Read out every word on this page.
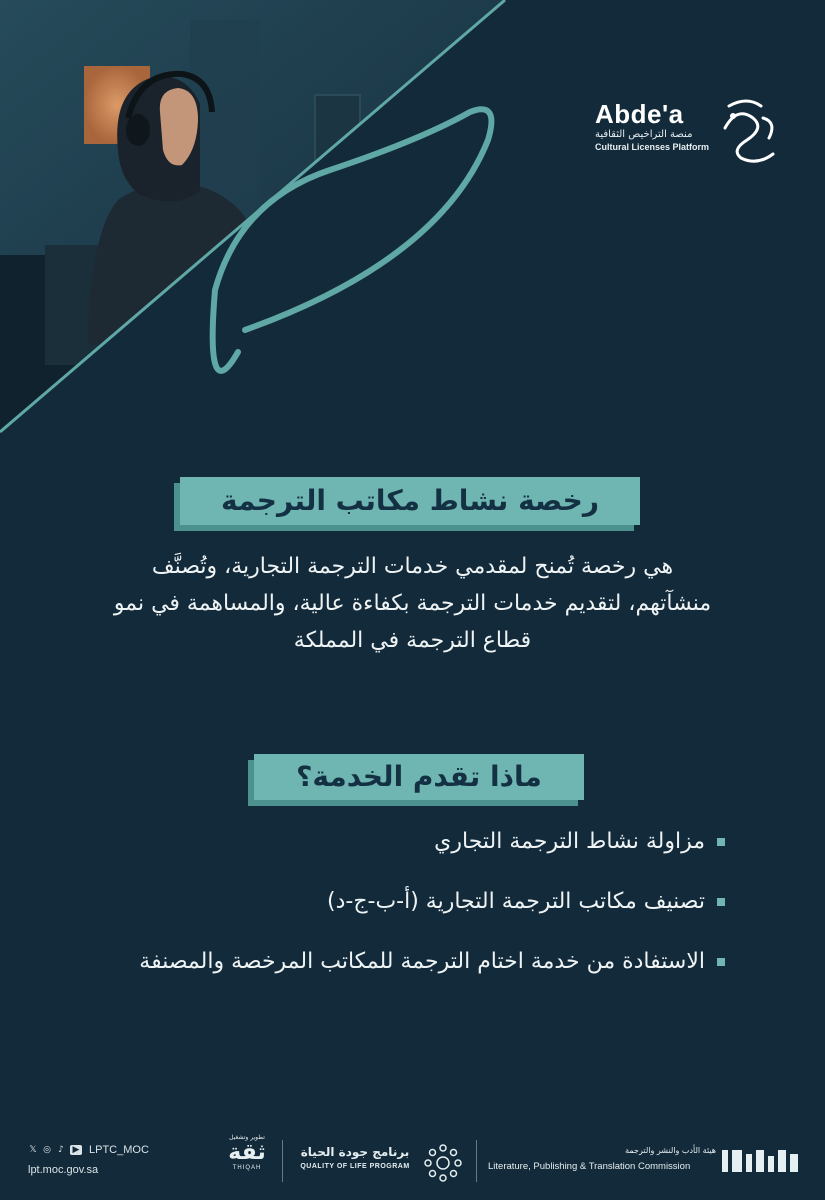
Abde'a
منصة التراخيص الثقافية
Cultural Licenses Platform
رخصة نشاط مكاتب الترجمة
هي رخصة تُمنح لمقدمي خدمات الترجمة التجارية، وتُصنَّف
منشآتهم، لتقديم خدمات الترجمة بكفاءة عالية، والمساهمة في نمو
قطاع الترجمة في المملكة
ماذا تقدم الخدمة؟
مزاولة نشاط الترجمة التجاري
تصنيف مكاتب الترجمة التجارية (أ-ب-ج-د)
الاستفادة من خدمة اختام الترجمة للمكاتب المرخصة والمصنفة
𝕏 ◎ ♪ ▶ LPTC_MOC
lpt.moc.gov.sa
تطوير وتشغيل
ثقة
THIQAH
برنامج جودة الحياة
QUALITY OF LIFE PROGRAM
هيئة الأدب والنشر والترجمة
Literature, Publishing & Translation Commission
